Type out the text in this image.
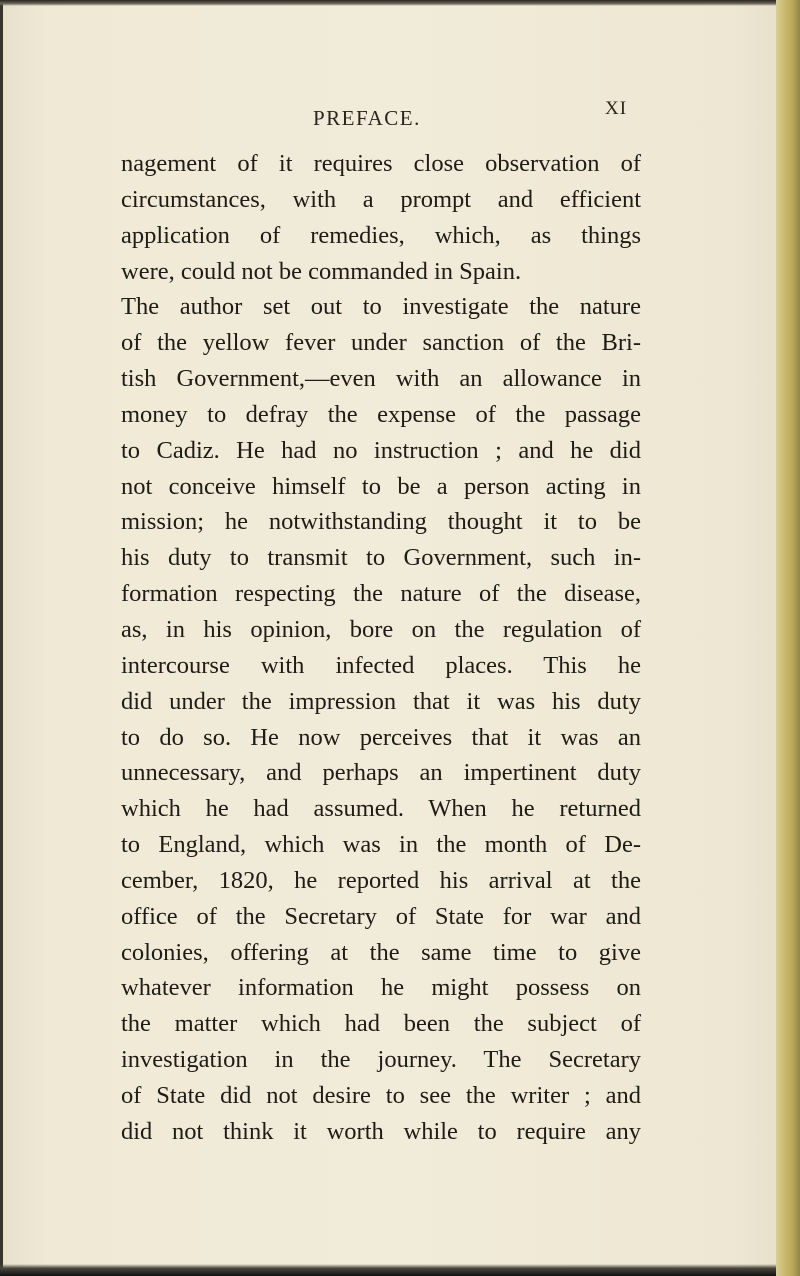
PREFACE.	XI
nagement of it requires close observation of
circumstances, with a prompt and efficient
application of remedies, which, as things
were, could not be commanded in Spain.
The author set out to investigate the nature
of the yellow fever under sanction of the Bri-
tish Government,—even with an allowance in
money to defray the expense of the passage
to Cadiz. He had no instruction ; and he did
not conceive himself to be a person acting in
mission; he notwithstanding thought it to be
his duty to transmit to Government, such in-
formation respecting the nature of the disease,
as, in his opinion, bore on the regulation of
intercourse with infected places. This he
did under the impression that it was his duty
to do so. He now perceives that it was an
unnecessary, and perhaps an impertinent duty
which he had assumed. When he returned
to England, which was in the month of De-
cember, 1820, he reported his arrival at the
office of the Secretary of State for war and
colonies, offering at the same time to give
whatever information he might possess on
the matter which had been the subject of
investigation in the journey. The Secretary
of State did not desire to see the writer ; and
did not think it worth while to require any
